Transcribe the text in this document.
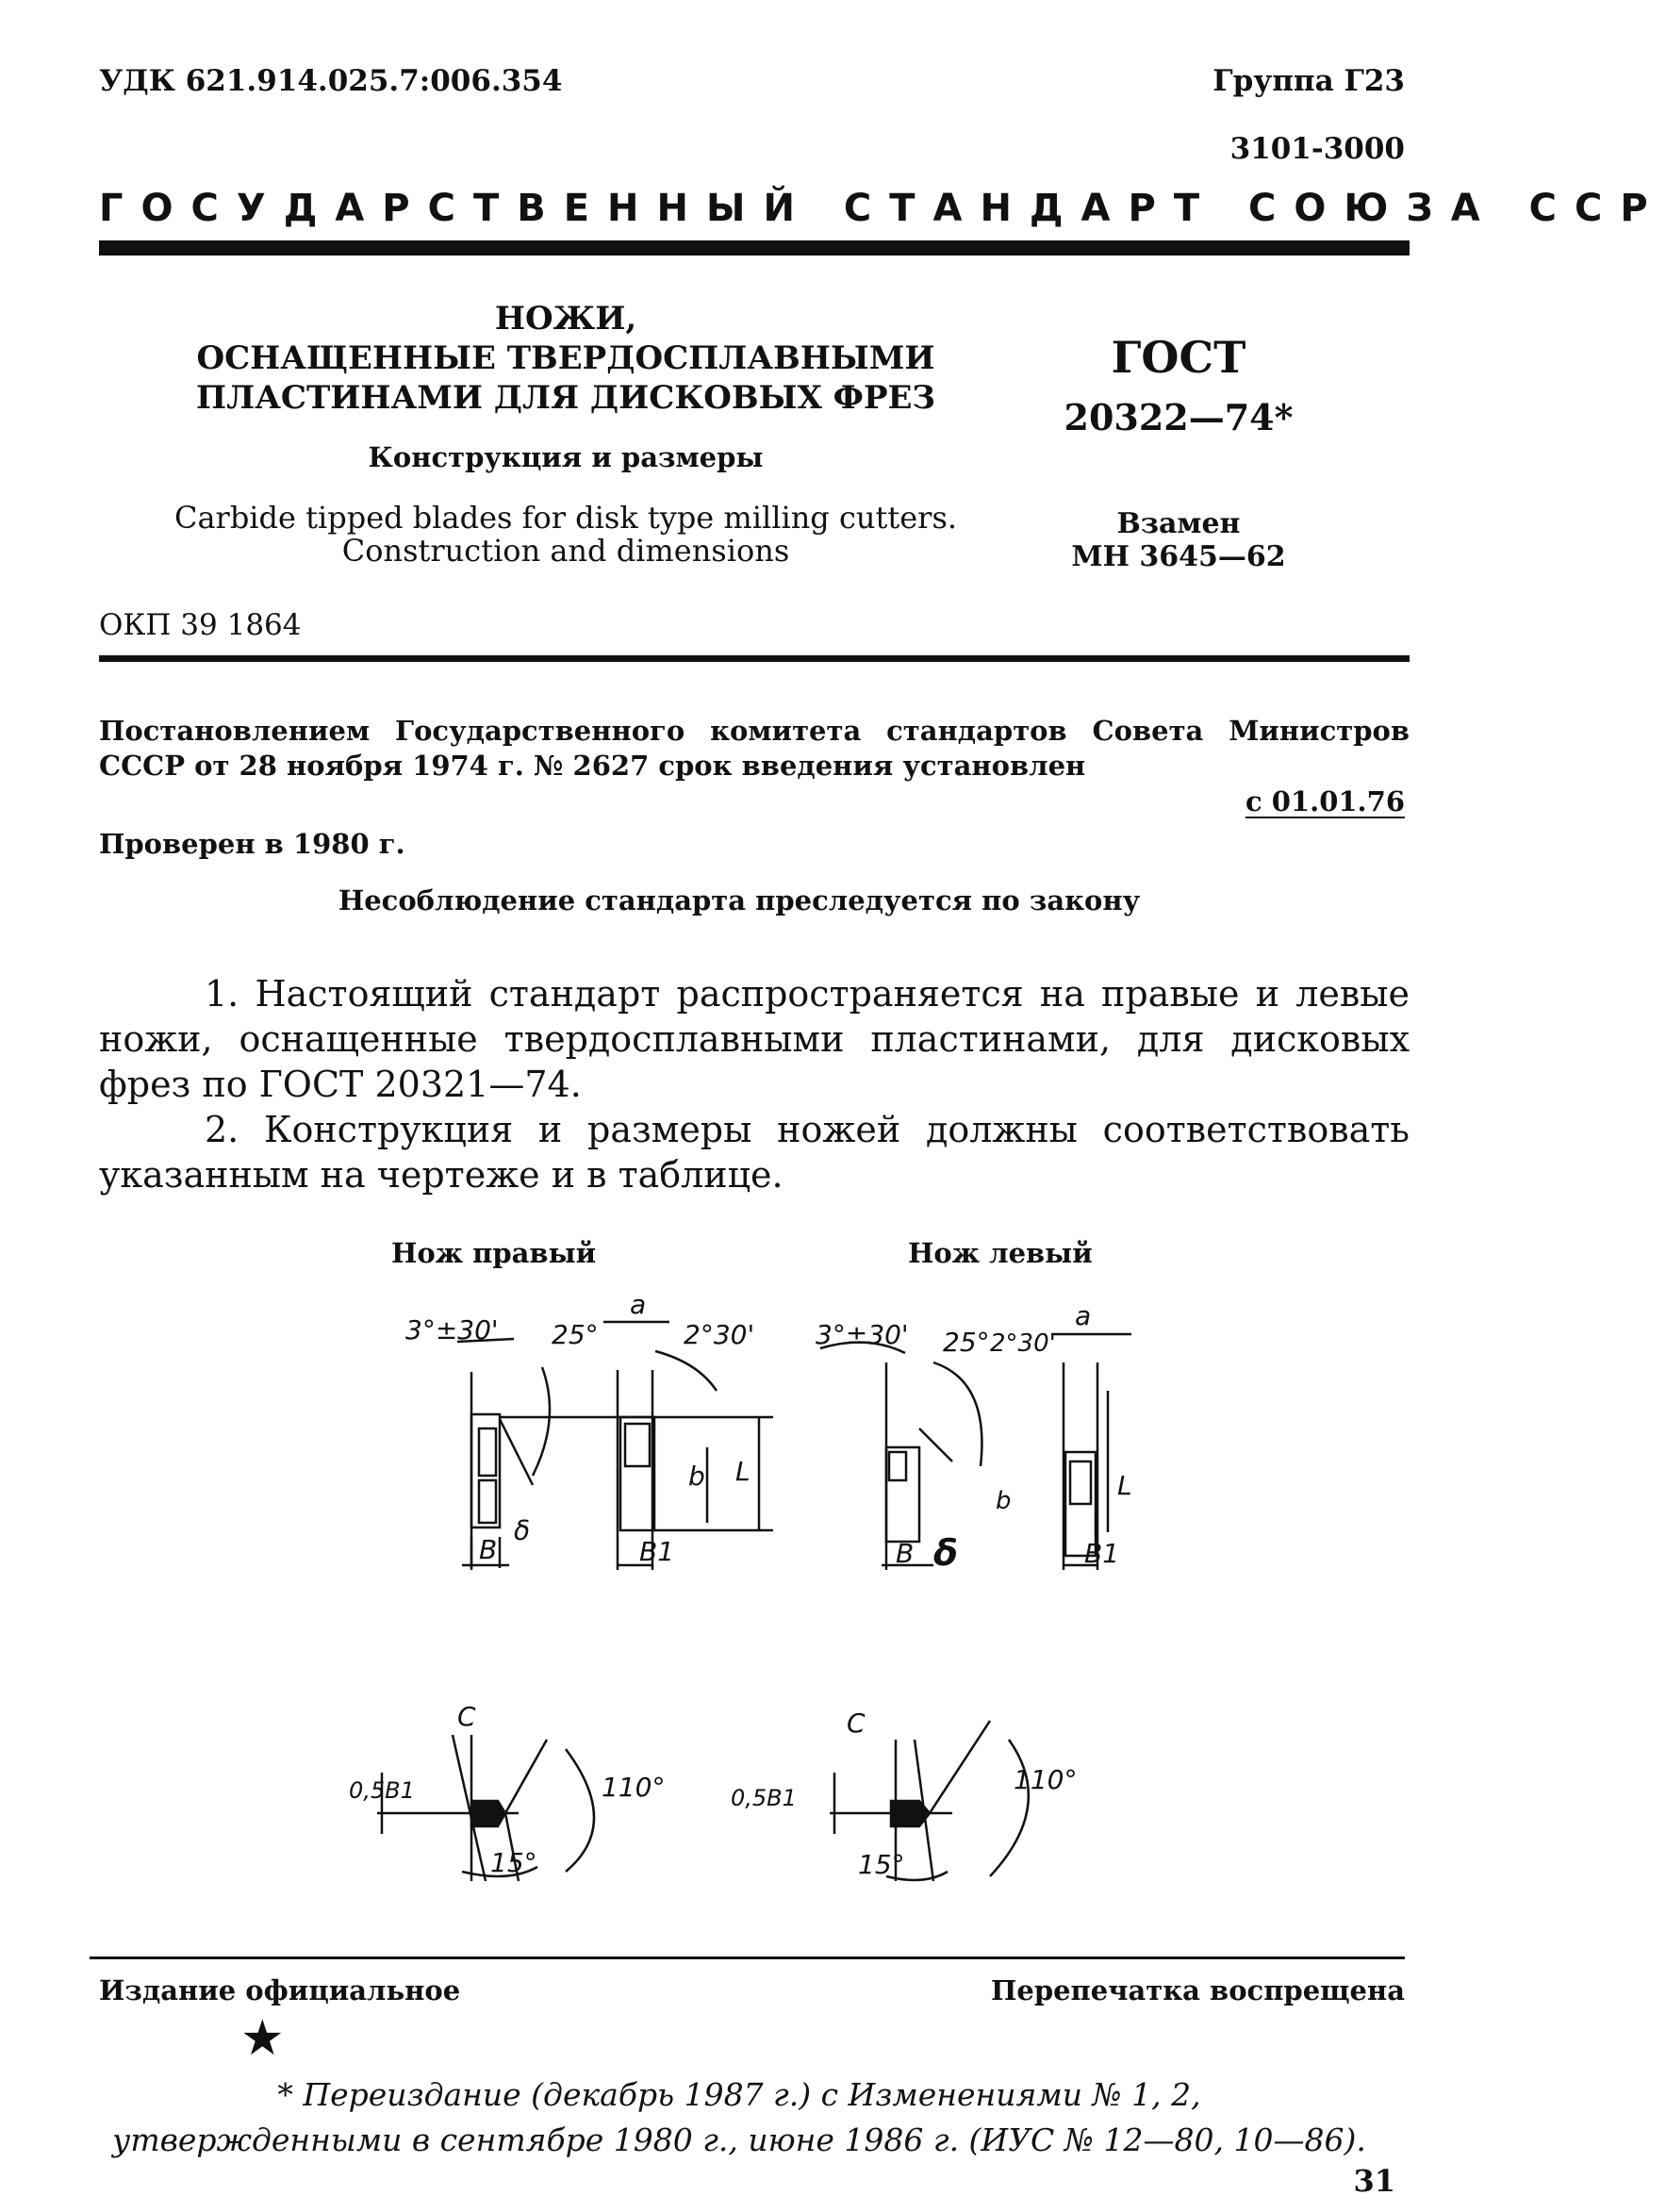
УДК 621.914.025.7:006.354	Группа Г23
3101-3000
ГОСУДАРСТВЕННЫЙ СТАНДАРТ СОЮЗА ССР
НОЖИ,
ОСНАЩЕННЫЕ ТВЕРДОСПЛАВНЫМИ
ПЛАСТИНАМИ ДЛЯ ДИСКОВЫХ ФРЕЗ
Конструкция и размеры
Carbide tipped blades for disk type milling cutters.
Construction and dimensions
ГОСТ
20322—74*
Взамен
МН 3645—62
ОКП 39 1864
Постановлением Государственного комитета стандартов Совета Министров
СССР от 28 ноября 1974 г. № 2627 срок введения установлен
с 01.01.76
Проверен в 1980 г.
Несоблюдение стандарта преследуется по закону
1. Настоящий стандарт распространяется на правые и левые ножи, оснащенные твердосплавными пластинами, для дисковых фрез по ГОСТ 20321—74.
2. Конструкция и размеры ножей должны соответствовать указанным на чертеже и в таблице.
Нож правый	Нож левый
3°±30' 25°	2°30'
a
b L
B	B1
δ
C
0,5B1	110°
15°
3°±30' 25° 2°30'
a
b	L
B	B1
δ
C
0,5B1
110°
15°
Издание официальное	Перепечатка воспрещена
★
* Переиздание (декабрь 1987 г.) с Изменениями № 1, 2,
утвержденными в сентябре 1980 г., июне 1986 г. (ИУС № 12—80, 10—86).
31
